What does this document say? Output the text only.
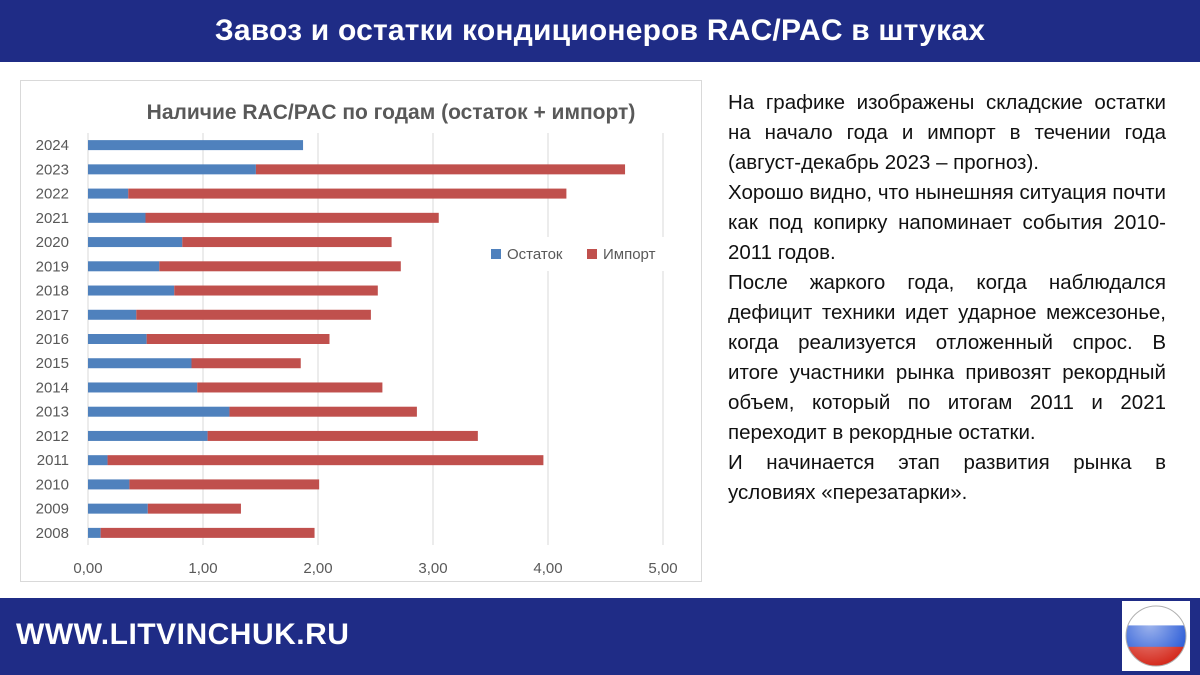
Завоз и остатки кондиционеров RAC/PAC в штуках
Наличие RAC/PAC по годам (остаток + импорт)
2024
2023
2022
2021
2020
2019
2018
2017
2016
2015
2014
2013
2012
2011
2010
2009
2008
0,00	1,00	2,00	3,00	4,00	5,00
Остаток	Импорт

На графике изображены складские остатки на начало года и импорт в течении года (август-декабрь 2023 – прогноз).

Хорошо видно, что нынешняя ситуация почти как под копирку напоминает события 2010-2011 годов.

После жаркого года, когда наблюдался дефицит техники идет ударное межсезонье, когда реализуется отложенный спрос. В итоге участники рынка привозят рекордный объем, который по итогам 2011 и 2021 переходит в рекордные остатки.

И начинается этап развития рынка в условиях «перезатарки».

WWW.LITVINCHUK.RU
